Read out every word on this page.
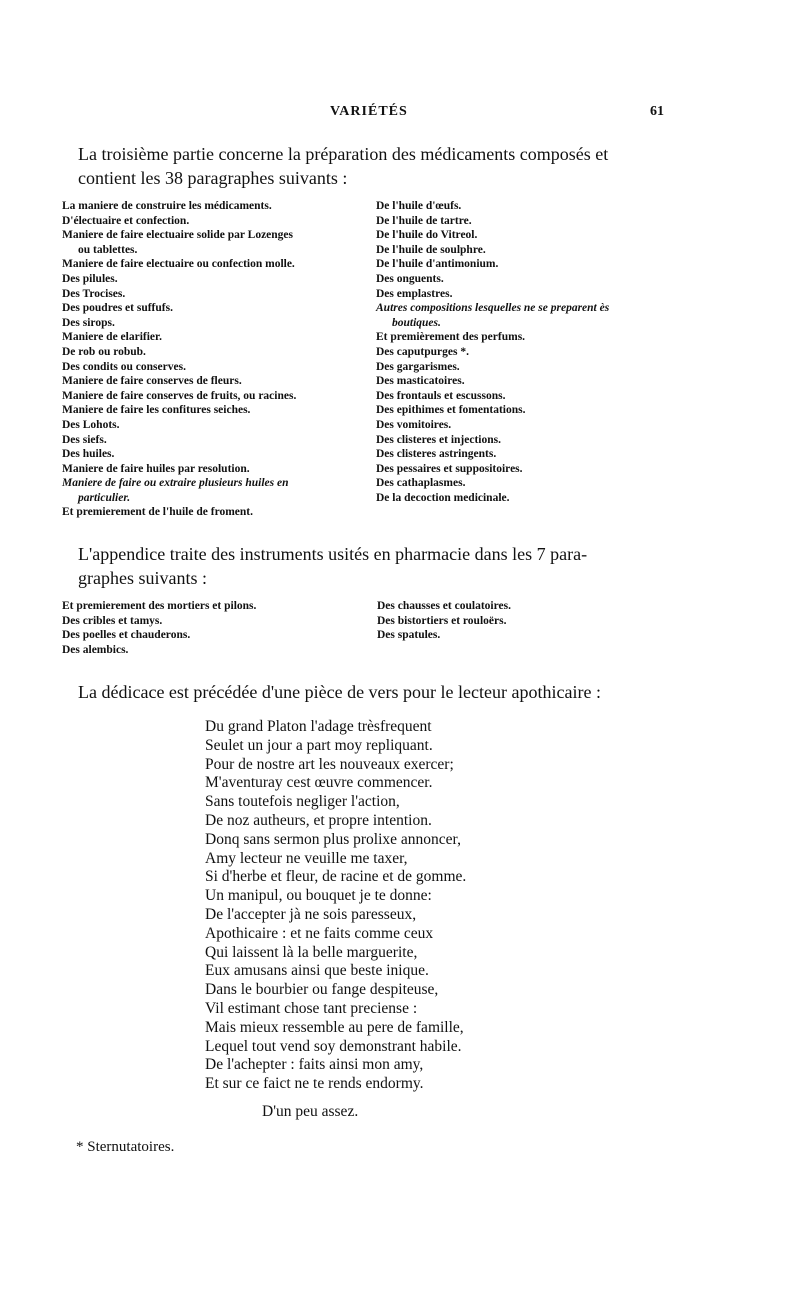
VARIÉTÉS	61
La troisième partie concerne la préparation des médicaments composés et
contient les 38 paragraphes suivants :
La maniere de construire les médicaments.
D'électuaire et confection.
Maniere de faire electuaire solide par Lozenges
ou tablettes.
Maniere de faire electuaire ou confection molle.
Des pilules.
Des Trocises.
Des poudres et suffufs.
Des sirops.
Maniere de elarifier.
De rob ou robub.
Des condits ou conserves.
Maniere de faire conserves de fleurs.
Maniere de faire conserves de fruits, ou racines.
Maniere de faire les confitures seiches.
Des Lohots.
Des siefs.
Des huiles.
Maniere de faire huiles par resolution.
Maniere de faire ou extraire plusieurs huiles en
particulier.
Et premierement de l'huile de froment.
De l'huile d'œufs.
De l'huile de tartre.
De l'huile do Vitreol.
De l'huile de soulphre.
De l'huile d'antimonium.
Des onguents.
Des emplastres.
Autres compositions lesquelles ne se preparent ès
boutiques.
Et premièrement des perfums.
Des caputpurges *.
Des gargarismes.
Des masticatoires.
Des frontauls et escussons.
Des epithimes et fomentations.
Des vomitoires.
Des clisteres et injections.
Des clisteres astringents.
Des pessaires et suppositoires.
Des cathaplasmes.
De la decoction medicinale.
L'appendice traite des instruments usités en pharmacie dans les 7 para-
graphes suivants :
Et premierement des mortiers et pilons.
Des cribles et tamys.
Des poelles et chauderons.
Des alembics.
Des chausses et coulatoires.
Des bistortiers et rouloërs.
Des spatules.
La dédicace est précédée d'une pièce de vers pour le lecteur apothicaire :
Du grand Platon l'adage trèsfrequent
Seulet un jour a part moy repliquant.
Pour de nostre art les nouveaux exercer;
M'aventuray cest œuvre commencer.
Sans toutefois negliger l'action,
De noz autheurs, et propre intention.
Donq sans sermon plus prolixe annoncer,
Amy lecteur ne veuille me taxer,
Si d'herbe et fleur, de racine et de gomme.
Un manipul, ou bouquet je te donne:
De l'accepter jà ne sois paresseux,
Apothicaire : et ne faits comme ceux
Qui laissent là la belle marguerite,
Eux amusans ainsi que beste inique.
Dans le bourbier ou fange despiteuse,
Vil estimant chose tant preciense :
Mais mieux ressemble au pere de famille,
Lequel tout vend soy demonstrant habile.
De l'achepter : faits ainsi mon amy,
Et sur ce faict ne te rends endormy.
D'un peu assez.
* Sternutatoires.
